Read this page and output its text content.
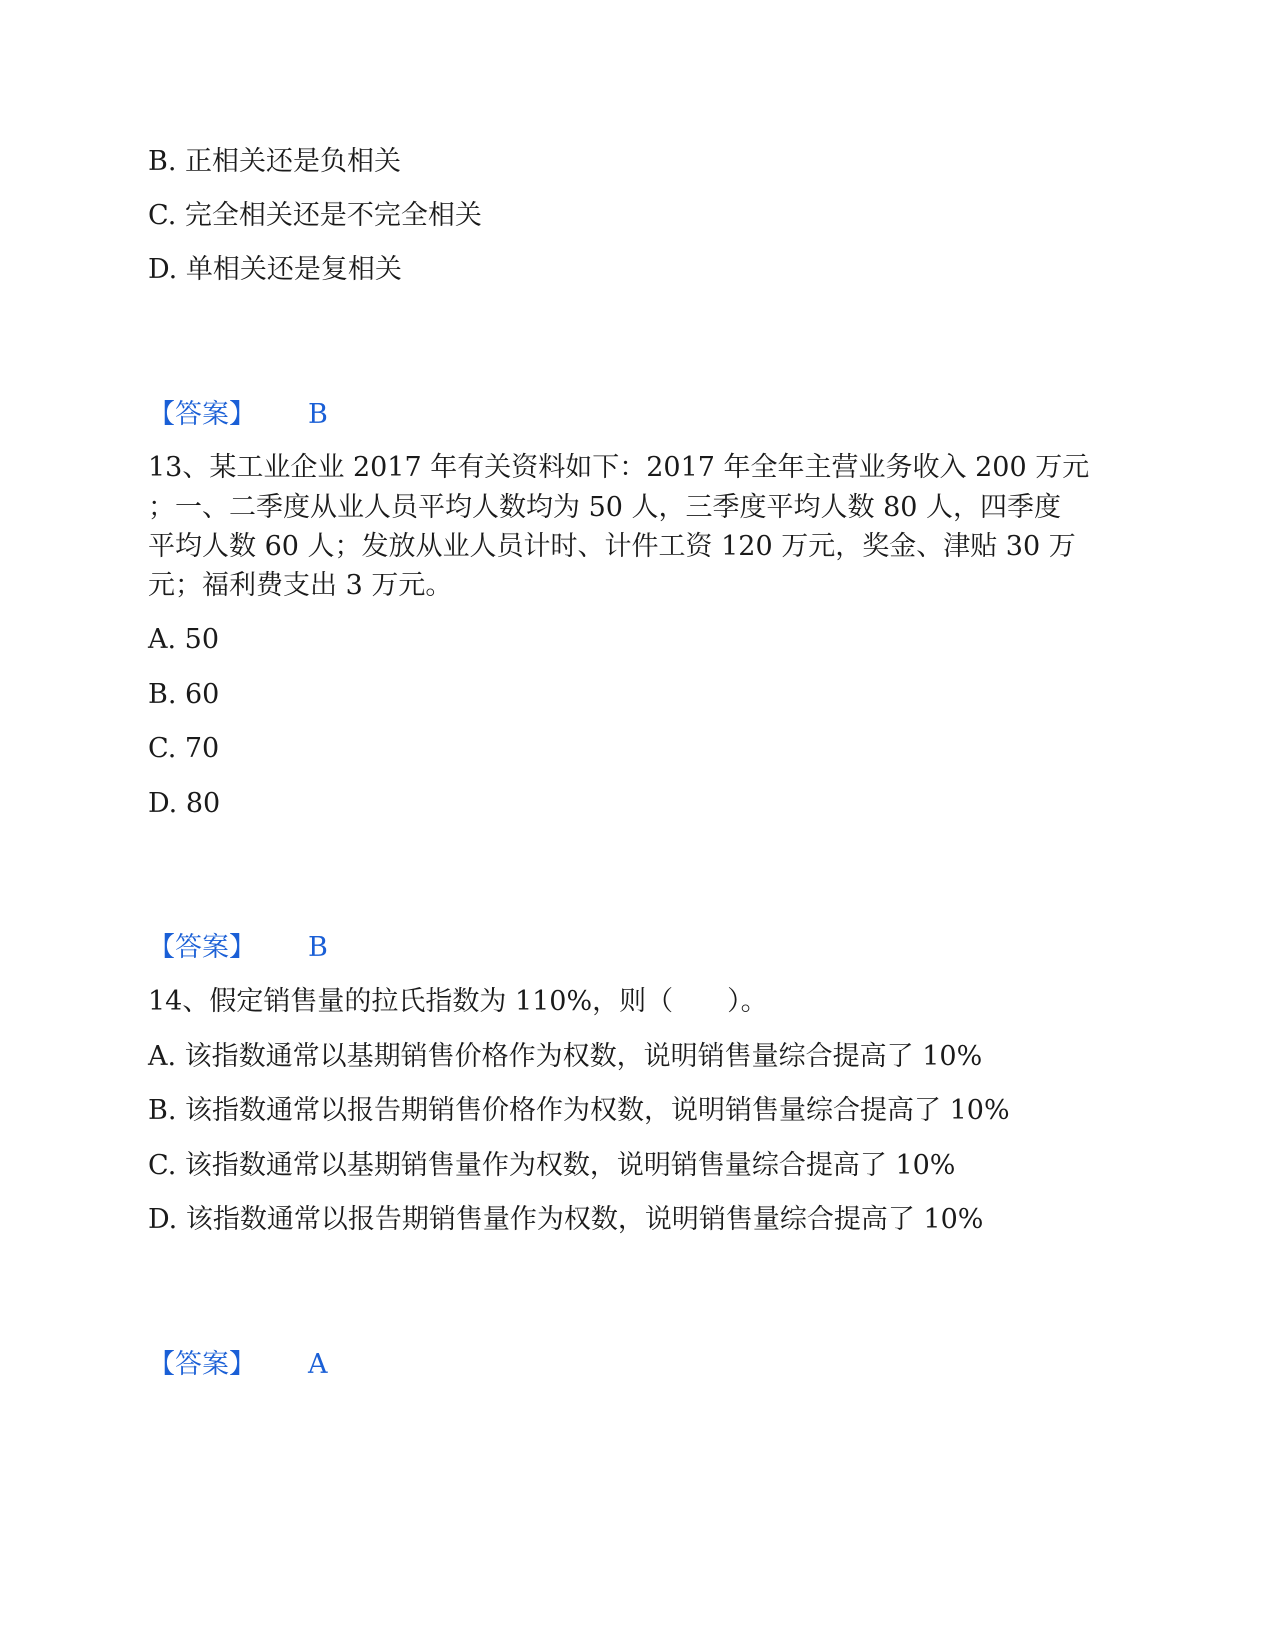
B. 正相关还是负相关
C. 完全相关还是不完全相关
D. 单相关还是复相关
【答案】 B
13、某工业企业 2017 年有关资料如下：2017 年全年主营业务收入 200 万元
；一、二季度从业人员平均人数均为 50 人，三季度平均人数 80 人，四季度
平均人数 60 人；发放从业人员计时、计件工资 120 万元，奖金、津贴 30 万
元；福利费支出 3 万元。
A. 50
B. 60
C. 70
D. 80
【答案】 B
14、假定销售量的拉氏指数为 110%，则（　　）。
A. 该指数通常以基期销售价格作为权数，说明销售量综合提高了 10%
B. 该指数通常以报告期销售价格作为权数，说明销售量综合提高了 10%
C. 该指数通常以基期销售量作为权数，说明销售量综合提高了 10%
D. 该指数通常以报告期销售量作为权数，说明销售量综合提高了 10%
【答案】 A
